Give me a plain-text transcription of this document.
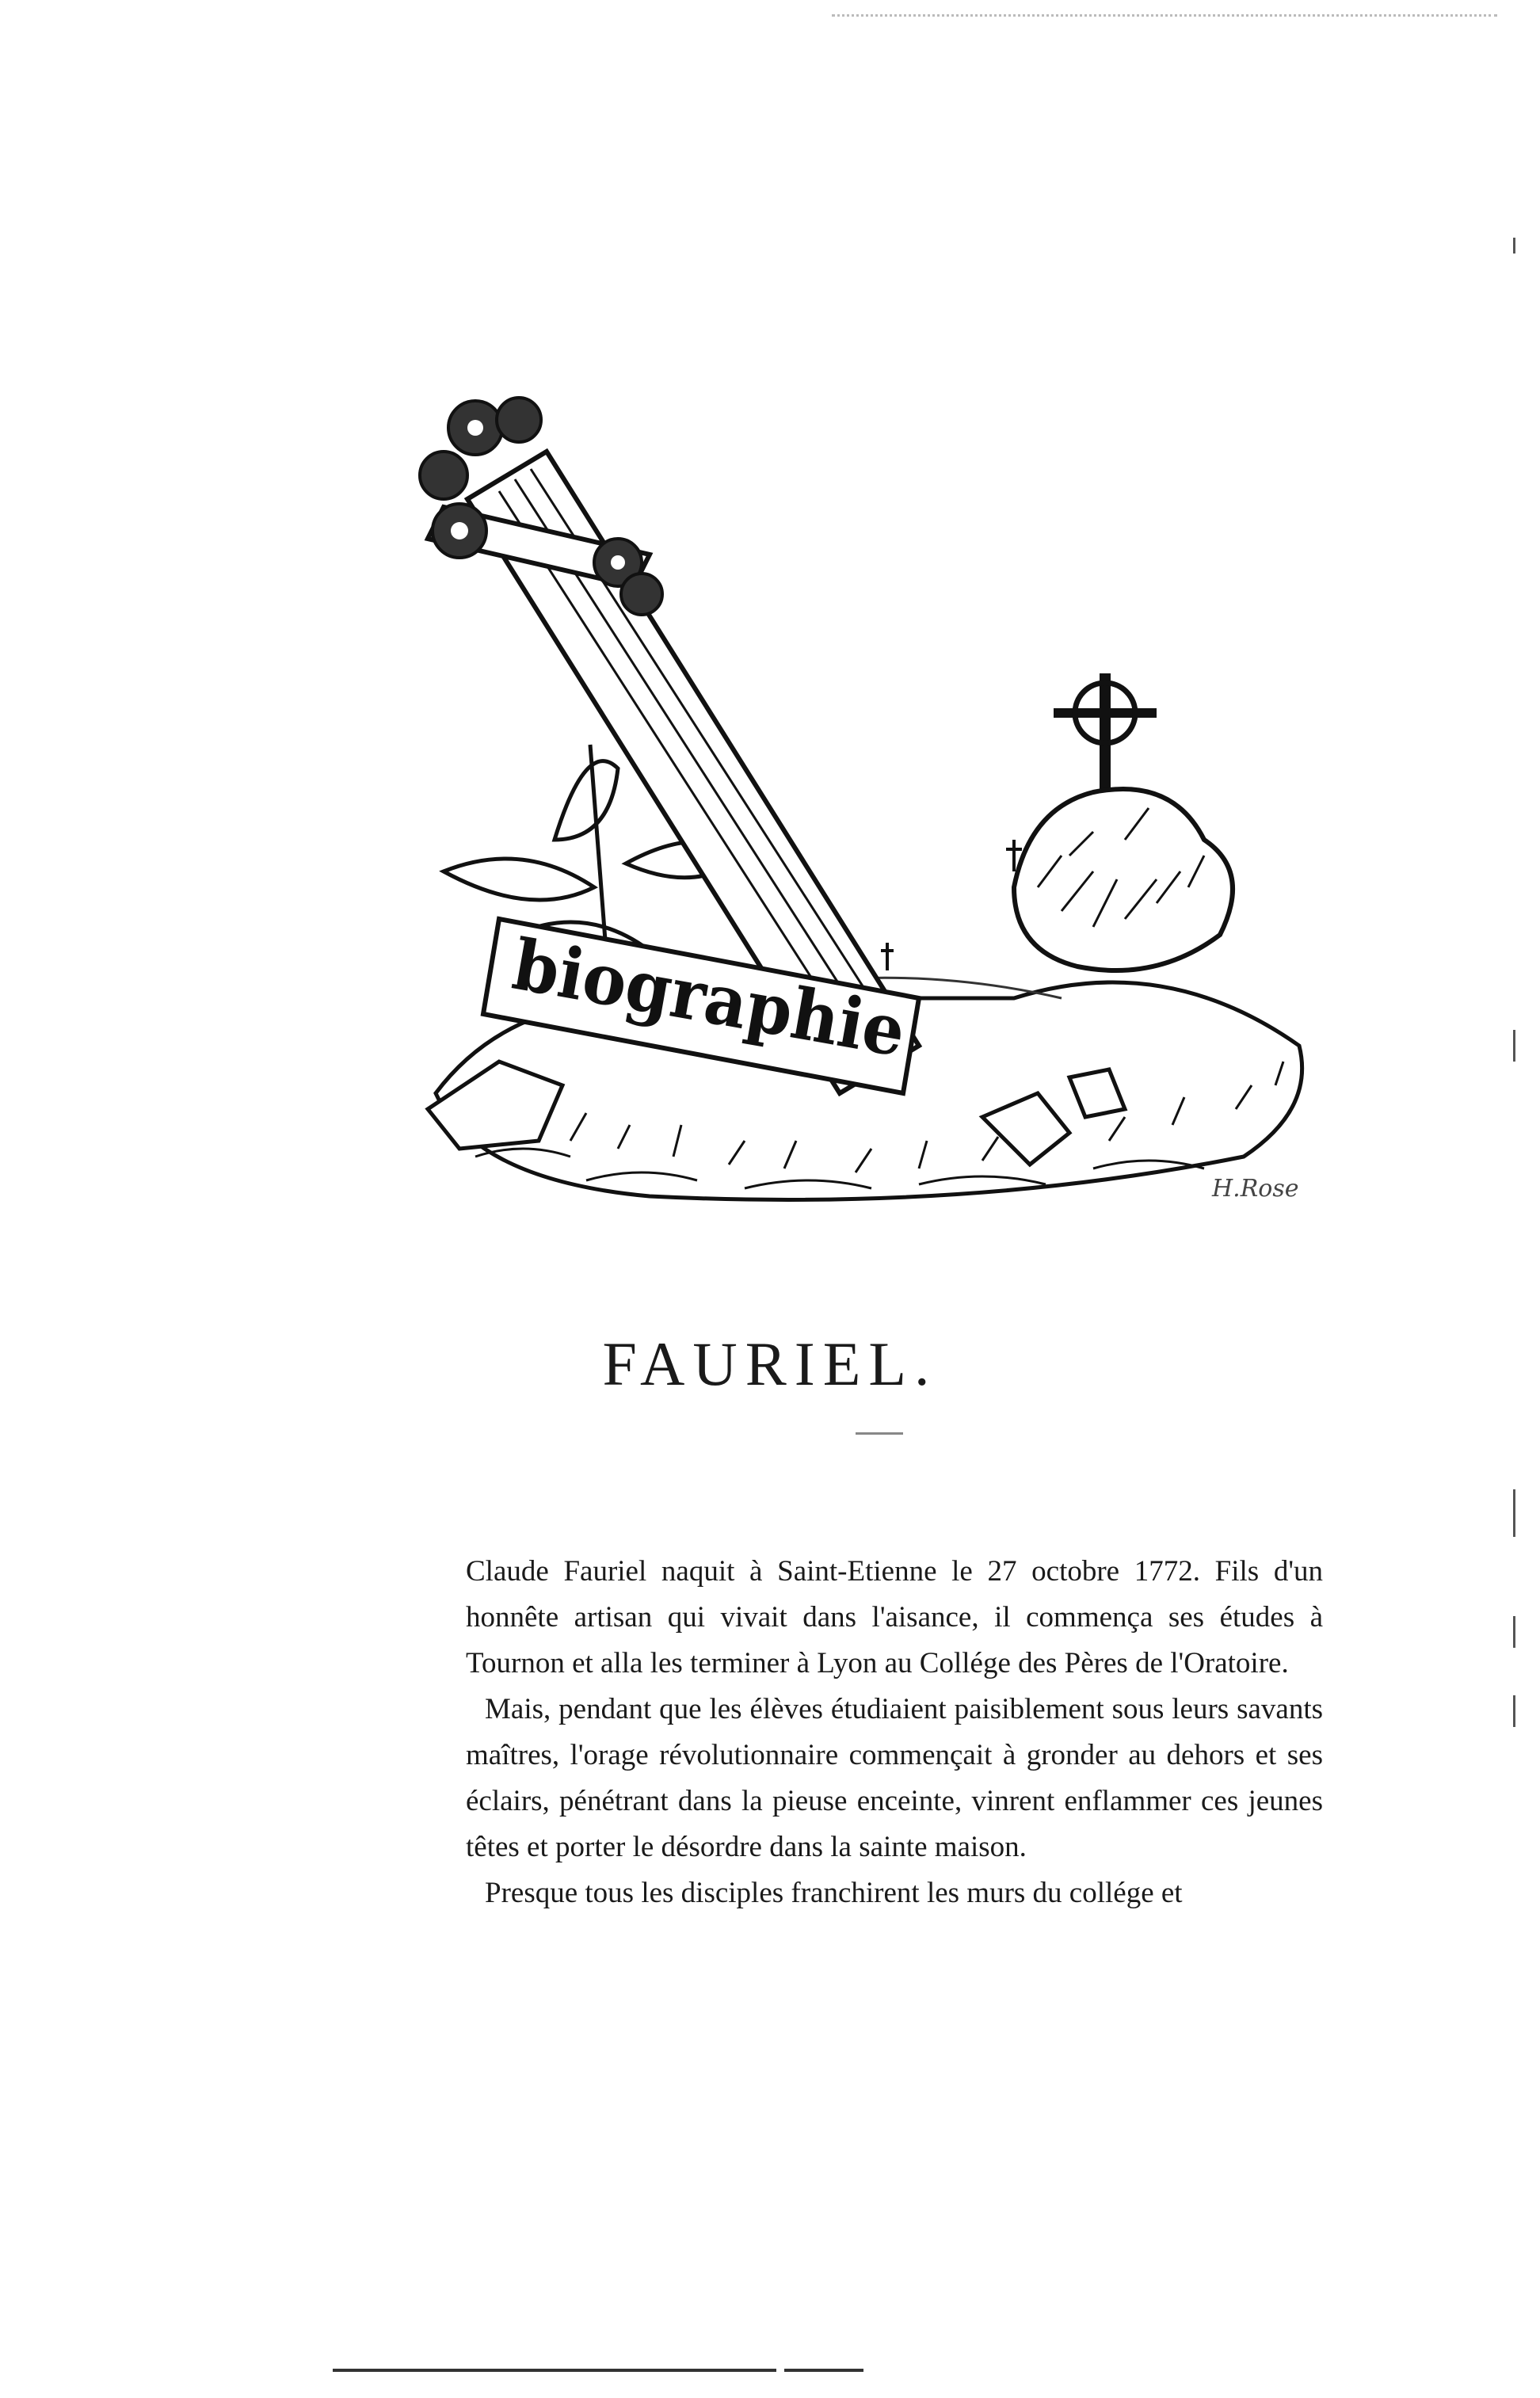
biographie
H.Rose
FAURIEL.

Claude Fauriel naquit à Saint-Etienne le 27 octobre 1772. Fils d'un honnête artisan qui vivait dans l'aisance, il commença ses études à Tournon et alla les terminer à Lyon au Collége des Pères de l'Oratoire.

Mais, pendant que les élèves étudiaient paisiblement sous leurs savants maîtres, l'orage révolutionnaire commençait à gronder au dehors et ses éclairs, pénétrant dans la pieuse enceinte, vinrent enflammer ces jeunes têtes et porter le désordre dans la sainte maison.

Presque tous les disciples franchirent les murs du collége et
